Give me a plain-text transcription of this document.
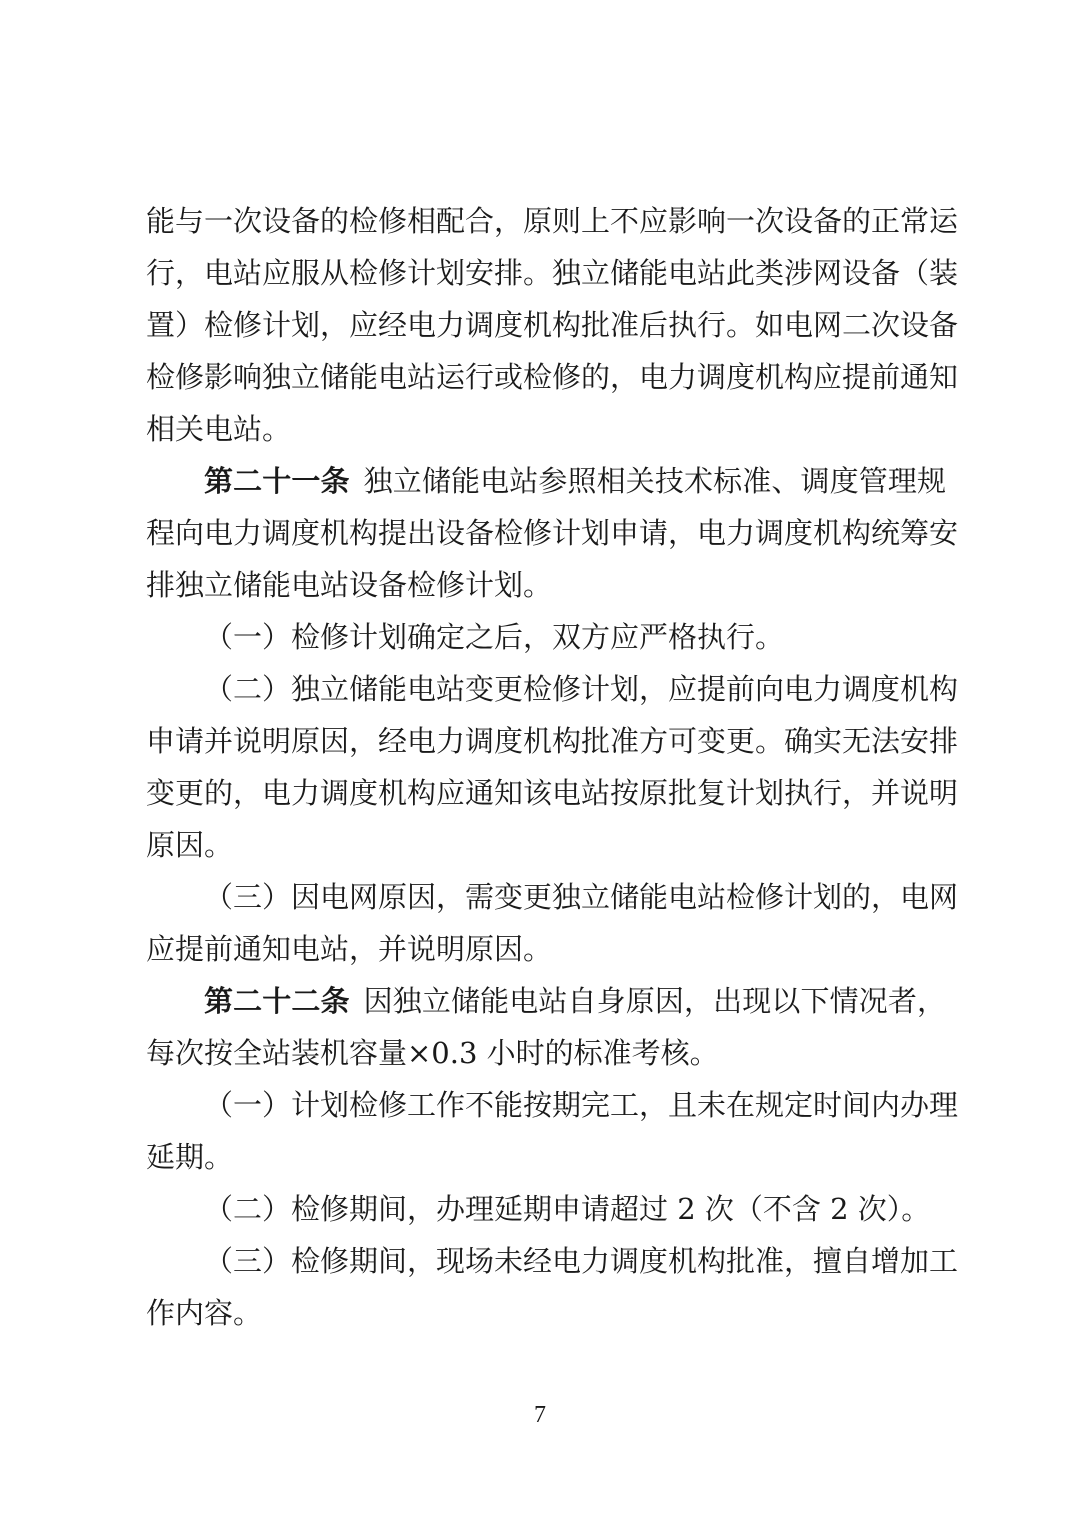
能与一次设备的检修相配合，原则上不应影响一次设备的正常运
行，电站应服从检修计划安排。独立储能电站此类涉网设备（装
置）检修计划，应经电力调度机构批准后执行。如电网二次设备
检修影响独立储能电站运行或检修的，电力调度机构应提前通知
相关电站。
第二十一条 独立储能电站参照相关技术标准、调度管理规
程向电力调度机构提出设备检修计划申请，电力调度机构统筹安
排独立储能电站设备检修计划。
（一）检修计划确定之后，双方应严格执行。
（二）独立储能电站变更检修计划，应提前向电力调度机构
申请并说明原因，经电力调度机构批准方可变更。确实无法安排
变更的，电力调度机构应通知该电站按原批复计划执行，并说明
原因。
（三）因电网原因，需变更独立储能电站检修计划的，电网
应提前通知电站，并说明原因。
第二十二条 因独立储能电站自身原因，出现以下情况者，
每次按全站装机容量×0.3 小时的标准考核。
（一）计划检修工作不能按期完工，且未在规定时间内办理
延期。
（二）检修期间，办理延期申请超过 2 次（不含 2 次）。
（三）检修期间，现场未经电力调度机构批准，擅自增加工
作内容。
7
